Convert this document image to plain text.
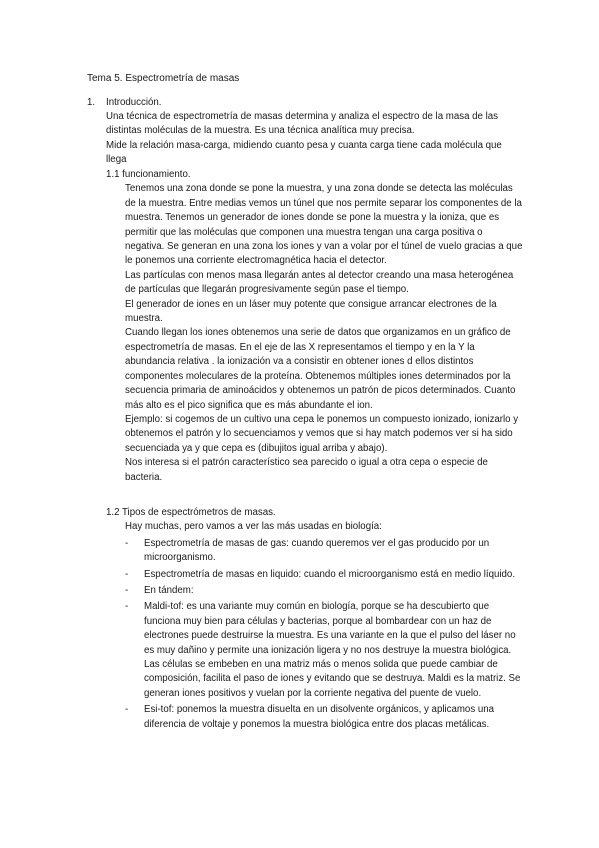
Tema 5. Espectrometría de masas
1. Introducción.

Una técnica de espectrometría de masas determina y analiza el espectro de la masa de las distintas moléculas de la muestra. Es una técnica analítica muy precisa.

Mide la relación masa-carga, midiendo cuanto pesa y cuanta carga tiene cada molécula que llega

1.1 funcionamiento.

Tenemos una zona donde se pone la muestra, y una zona donde se detecta las moléculas de la muestra. Entre medias vemos un túnel que nos permite separar los componentes de la muestra. Tenemos un generador de iones donde se pone la muestra y la ioniza, que es permitir que las moléculas que componen una muestra tengan una carga positiva o negativa. Se generan en una zona los iones y van a volar por el túnel de vuelo gracias a que le ponemos una corriente electromagnética hacia el detector.

Las partículas con menos masa llegarán antes al detector creando una masa heterogénea de partículas que llegarán progresivamente según pase el tiempo.

El generador de iones en un láser muy potente que consigue arrancar electrones de la muestra.

Cuando llegan los iones obtenemos una serie de datos que organizamos en un gráfico de espectrometría de masas. En el eje de las X representamos el tiempo y en la Y la abundancia relativa . la ionización va a consistir en obtener iones d ellos distintos componentes moleculares de la proteína. Obtenemos múltiples iones determinados por la secuencia primaria de aminoácidos y obtenemos un patrón de picos determinados. Cuanto más alto es el pico significa que es más abundante el ion.

Ejemplo: si cogemos de un cultivo una cepa le ponemos un compuesto ionizado, ionizarlo y obtenemos el patrón y lo secuenciamos y vemos que si hay match podemos ver si ha sido secuenciada ya y que cepa es (dibujitos igual arriba y abajo).

Nos interesa si el patrón característico sea parecido o igual a otra cepa o especie de bacteria.

1.2 Tipos de espectrómetros de masas.
Hay muchas, pero vamos a ver las más usadas en biología:
- Espectrometría de masas de gas: cuando queremos ver el gas producido por un microorganismo.
- Espectrometría de masas en liquido: cuando el microorganismo está en medio líquido.
- En tándem:
- Maldi-tof: es una variante muy común en biología, porque se ha descubierto que funciona muy bien para células y bacterias, porque al bombardear con un haz de electrones puede destruirse la muestra. Es una variante en la que el pulso del láser no es muy dañino y permite una ionización ligera y no nos destruye la muestra biológica. Las células se embeben en una matriz más o menos solida que puede cambiar de composición, facilita el paso de iones y evitando que se destruya. Maldi es la matriz. Se generan iones positivos y vuelan por la corriente negativa del puente de vuelo.
- Esi-tof: ponemos la muestra disuelta en un disolvente orgánicos, y aplicamos una diferencia de voltaje y ponemos la muestra biológica entre dos placas metálicas.
